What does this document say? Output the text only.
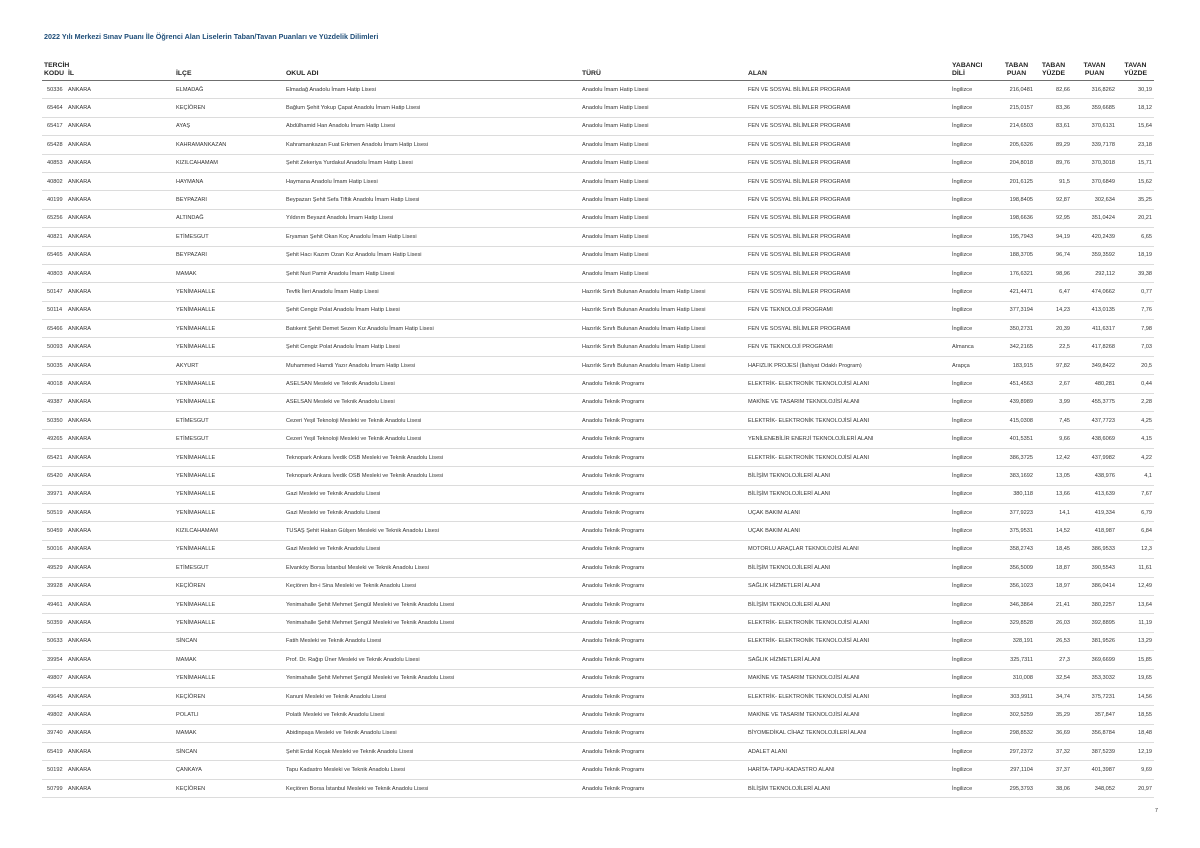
2022 Yılı Merkezi Sınav Puanı İle Öğrenci Alan Liselerin Taban/Tavan Puanları ve Yüzdelik Dilimleri
TERCİH KODU	İL	İLÇE	OKUL ADI	TÜRÜ	ALAN	YABANCI DİLİ	TABAN PUAN	TABAN YÜZDE	TAVAN PUAN	TAVAN YÜZDE
50336	ANKARA	ELMADAĞ	Elmadağ Anadolu İmam Hatip Lisesi	Anadolu İmam Hatip Lisesi	FEN VE SOSYAL BİLİMLER PROGRAMI	İngilizce	216,0481	82,66	316,8262	30,19
65464	ANKARA	KEÇİÖREN	Bağlum Şehit Yokup Çapat Anadolu İmam Hatip Lisesi	Anadolu İmam Hatip Lisesi	FEN VE SOSYAL BİLİMLER PROGRAMI	İngilizce	215,0157	83,36	359,6685	18,12
65417	ANKARA	AYAŞ	Abdülhamid Han Anadolu İmam Hatip Lisesi	Anadolu İmam Hatip Lisesi	FEN VE SOSYAL BİLİMLER PROGRAMI	İngilizce	214,6503	83,61	370,6131	15,64
65428	ANKARA	KAHRAMANKAZAN	Kahramankazan Fuat Erkmen Anadolu İmam Hatip Lisesi	Anadolu İmam Hatip Lisesi	FEN VE SOSYAL BİLİMLER PROGRAMI	İngilizce	205,6326	89,29	339,7178	23,18
40853	ANKARA	KIZILCAHAMAM	Şehit Zekeriya Yurdakul Anadolu İmam Hatip Lisesi	Anadolu İmam Hatip Lisesi	FEN VE SOSYAL BİLİMLER PROGRAMI	İngilizce	204,8018	89,76	370,3018	15,71
40802	ANKARA	HAYMANA	Haymana Anadolu İmam Hatip Lisesi	Anadolu İmam Hatip Lisesi	FEN VE SOSYAL BİLİMLER PROGRAMI	İngilizce	201,6125	91,5	370,6849	15,62
40199	ANKARA	BEYPAZARI	Beypazarı Şehit Sefa Tiftik Anadolu İmam Hatip Lisesi	Anadolu İmam Hatip Lisesi	FEN VE SOSYAL BİLİMLER PROGRAMI	İngilizce	198,8405	92,87	302,634	35,25
65256	ANKARA	ALTINDAĞ	Yıldırım Beyazıt Anadolu İmam Hatip Lisesi	Anadolu İmam Hatip Lisesi	FEN VE SOSYAL BİLİMLER PROGRAMI	İngilizce	198,6636	92,95	351,0424	20,21
40821	ANKARA	ETİMESGUT	Eryaman Şehit Okan Koç Anadolu İmam Hatip Lisesi	Anadolu İmam Hatip Lisesi	FEN VE SOSYAL BİLİMLER PROGRAMI	İngilizce	195,7943	94,19	420,2439	6,65
65465	ANKARA	BEYPAZARI	Şehit Hacı Kazım Ozan Kız Anadolu İmam Hatip Lisesi	Anadolu İmam Hatip Lisesi	FEN VE SOSYAL BİLİMLER PROGRAMI	İngilizce	188,3705	96,74	359,3592	18,19
40803	ANKARA	MAMAK	Şehit Nuri Pamir Anadolu İmam Hatip Lisesi	Anadolu İmam Hatip Lisesi	FEN VE SOSYAL BİLİMLER PROGRAMI	İngilizce	176,6321	98,96	292,112	39,38
50147	ANKARA	YENİMAHALLE	Tevfik İleri Anadolu İmam Hatip Lisesi	Hazırlık Sınıfı Bulunan Anadolu İmam Hatip Lisesi	FEN VE SOSYAL BİLİMLER PROGRAMI	İngilizce	421,4471	6,47	474,0662	0,77
50114	ANKARA	YENİMAHALLE	Şehit Cengiz Polat Anadolu İmam Hatip Lisesi	Hazırlık Sınıfı Bulunan Anadolu İmam Hatip Lisesi	FEN VE TEKNOLOJİ PROGRAMI	İngilizce	377,3194	14,23	413,0135	7,76
65466	ANKARA	YENİMAHALLE	Batıkent Şehit Demet Sezen Kız Anadolu İmam Hatip Lisesi	Hazırlık Sınıfı Bulunan Anadolu İmam Hatip Lisesi	FEN VE SOSYAL BİLİMLER PROGRAMI	İngilizce	350,2731	20,39	411,6317	7,98
50093	ANKARA	YENİMAHALLE	Şehit Cengiz Polat Anadolu İmam Hatip Lisesi	Hazırlık Sınıfı Bulunan Anadolu İmam Hatip Lisesi	FEN VE TEKNOLOJİ PROGRAMI	Almanca	342,2165	22,5	417,8268	7,03
50035	ANKARA	AKYURT	Muhammed Hamdi Yazır Anadolu İmam Hatip Lisesi	Hazırlık Sınıfı Bulunan Anadolu İmam Hatip Lisesi	HAFIZLIK PROJESİ (İlahiyat Odaklı Program)	Arapça	183,915	97,82	349,8422	20,5
40018	ANKARA	YENİMAHALLE	ASELSAN Mesleki ve Teknik Anadolu Lisesi	Anadolu Teknik Programı	ELEKTRİK- ELEKTRONİK TEKNOLOJİSİ ALANI	İngilizce	451,4563	2,67	480,281	0,44
49387	ANKARA	YENİMAHALLE	ASELSAN Mesleki ve Teknik Anadolu Lisesi	Anadolu Teknik Programı	MAKİNE VE TASARIM TEKNOLOJİSİ ALANI	İngilizce	439,8989	3,99	455,3775	2,28
50350	ANKARA	ETİMESGUT	Cezeri Yeşil Teknoloji Mesleki ve Teknik Anadolu Lisesi	Anadolu Teknik Programı	ELEKTRİK- ELEKTRONİK TEKNOLOJİSİ ALANI	İngilizce	415,0308	7,45	437,7723	4,25
49265	ANKARA	ETİMESGUT	Cezeri Yeşil Teknoloji Mesleki ve Teknik Anadolu Lisesi	Anadolu Teknik Programı	YENİLENEBİLİR ENERJİ TEKNOLOJİLERİ ALANI	İngilizce	401,5351	9,66	438,6069	4,15
65421	ANKARA	YENİMAHALLE	Teknopark Ankara İvedik OSB Mesleki ve Teknik Anadolu Lisesi	Anadolu Teknik Programı	ELEKTRİK- ELEKTRONİK TEKNOLOJİSİ ALANI	İngilizce	386,3725	12,42	437,9982	4,22
65420	ANKARA	YENİMAHALLE	Teknopark Ankara İvedik OSB Mesleki ve Teknik Anadolu Lisesi	Anadolu Teknik Programı	BİLİŞİM TEKNOLOJİLERİ ALANI	İngilizce	383,1692	13,05	438,976	4,1
39971	ANKARA	YENİMAHALLE	Gazi Mesleki ve Teknik Anadolu Lisesi	Anadolu Teknik Programı	BİLİŞİM TEKNOLOJİLERİ ALANI	İngilizce	380,118	13,66	413,639	7,67
50519	ANKARA	YENİMAHALLE	Gazi Mesleki ve Teknik Anadolu Lisesi	Anadolu Teknik Programı	UÇAK BAKIM ALANI	İngilizce	377,9223	14,1	419,334	6,79
50459	ANKARA	KIZILCAHAMAM	TUSAŞ Şehit Hakan Gülşen Mesleki ve Teknik Anadolu Lisesi	Anadolu Teknik Programı	UÇAK BAKIM ALANI	İngilizce	375,9531	14,52	418,987	6,84
50016	ANKARA	YENİMAHALLE	Gazi Mesleki ve Teknik Anadolu Lisesi	Anadolu Teknik Programı	MOTORLU ARAÇLAR TEKNOLOJİSİ ALANI	İngilizce	358,2743	18,45	386,9533	12,3
49529	ANKARA	ETİMESGUT	Elvanköy Borsa İstanbul Mesleki ve Teknik Anadolu Lisesi	Anadolu Teknik Programı	BİLİŞİM TEKNOLOJİLERİ ALANI	İngilizce	356,5009	18,87	390,5543	11,61
39928	ANKARA	KEÇİÖREN	Keçiören İbn-i Sina Mesleki ve Teknik Anadolu Lisesi	Anadolu Teknik Programı	SAĞLIK HİZMETLERİ ALANI	İngilizce	356,1023	18,97	386,0414	12,49
49461	ANKARA	YENİMAHALLE	Yenimahalle Şehit Mehmet Şengül Mesleki ve Teknik Anadolu Lisesi	Anadolu Teknik Programı	BİLİŞİM TEKNOLOJİLERİ ALANI	İngilizce	346,3864	21,41	380,2257	13,64
50359	ANKARA	YENİMAHALLE	Yenimahalle Şehit Mehmet Şengül Mesleki ve Teknik Anadolu Lisesi	Anadolu Teknik Programı	ELEKTRİK- ELEKTRONİK TEKNOLOJİSİ ALANI	İngilizce	329,8528	26,03	392,8895	11,19
50633	ANKARA	SİNCAN	Fatih Mesleki ve Teknik Anadolu Lisesi	Anadolu Teknik Programı	ELEKTRİK- ELEKTRONİK TEKNOLOJİSİ ALANI	İngilizce	328,191	26,53	381,9526	13,29
39954	ANKARA	MAMAK	Prof. Dr. Rağıp Üner Mesleki ve Teknik Anadolu Lisesi	Anadolu Teknik Programı	SAĞLIK HİZMETLERİ ALANI	İngilizce	325,7311	27,3	369,6699	15,85
49807	ANKARA	YENİMAHALLE	Yenimahalle Şehit Mehmet Şengül Mesleki ve Teknik Anadolu Lisesi	Anadolu Teknik Programı	MAKİNE VE TASARIM TEKNOLOJİSİ ALANI	İngilizce	310,008	32,54	353,3032	19,65
49645	ANKARA	KEÇİÖREN	Kanuni Mesleki ve Teknik Anadolu Lisesi	Anadolu Teknik Programı	ELEKTRİK- ELEKTRONİK TEKNOLOJİSİ ALANI	İngilizce	303,9911	34,74	375,7231	14,56
49802	ANKARA	POLATLI	Polatlı Mesleki ve Teknik Anadolu Lisesi	Anadolu Teknik Programı	MAKİNE VE TASARIM TEKNOLOJİSİ ALANI	İngilizce	302,5259	35,29	357,847	18,55
39740	ANKARA	MAMAK	Abidinpaşa Mesleki ve Teknik Anadolu Lisesi	Anadolu Teknik Programı	BİYOMEDİKAL CİHAZ TEKNOLOJİLERİ ALANI	İngilizce	298,8532	36,69	356,8784	18,48
65419	ANKARA	SİNCAN	Şehit Erdal Koçak Mesleki ve Teknik Anadolu Lisesi	Anadolu Teknik Programı	ADALET ALANI	İngilizce	297,2372	37,32	387,5239	12,19
50192	ANKARA	ÇANKAYA	Tapu Kadastro Mesleki ve Teknik Anadolu Lisesi	Anadolu Teknik Programı	HARİTA-TAPU-KADASTRO ALANI	İngilizce	297,1104	37,37	401,3987	9,69
50799	ANKARA	KEÇİÖREN	Keçiören Borsa İstanbul Mesleki ve Teknik Anadolu Lisesi	Anadolu Teknik Programı	BİLİŞİM TEKNOLOJİLERİ ALANI	İngilizce	295,3793	38,06	348,052	20,97
7
